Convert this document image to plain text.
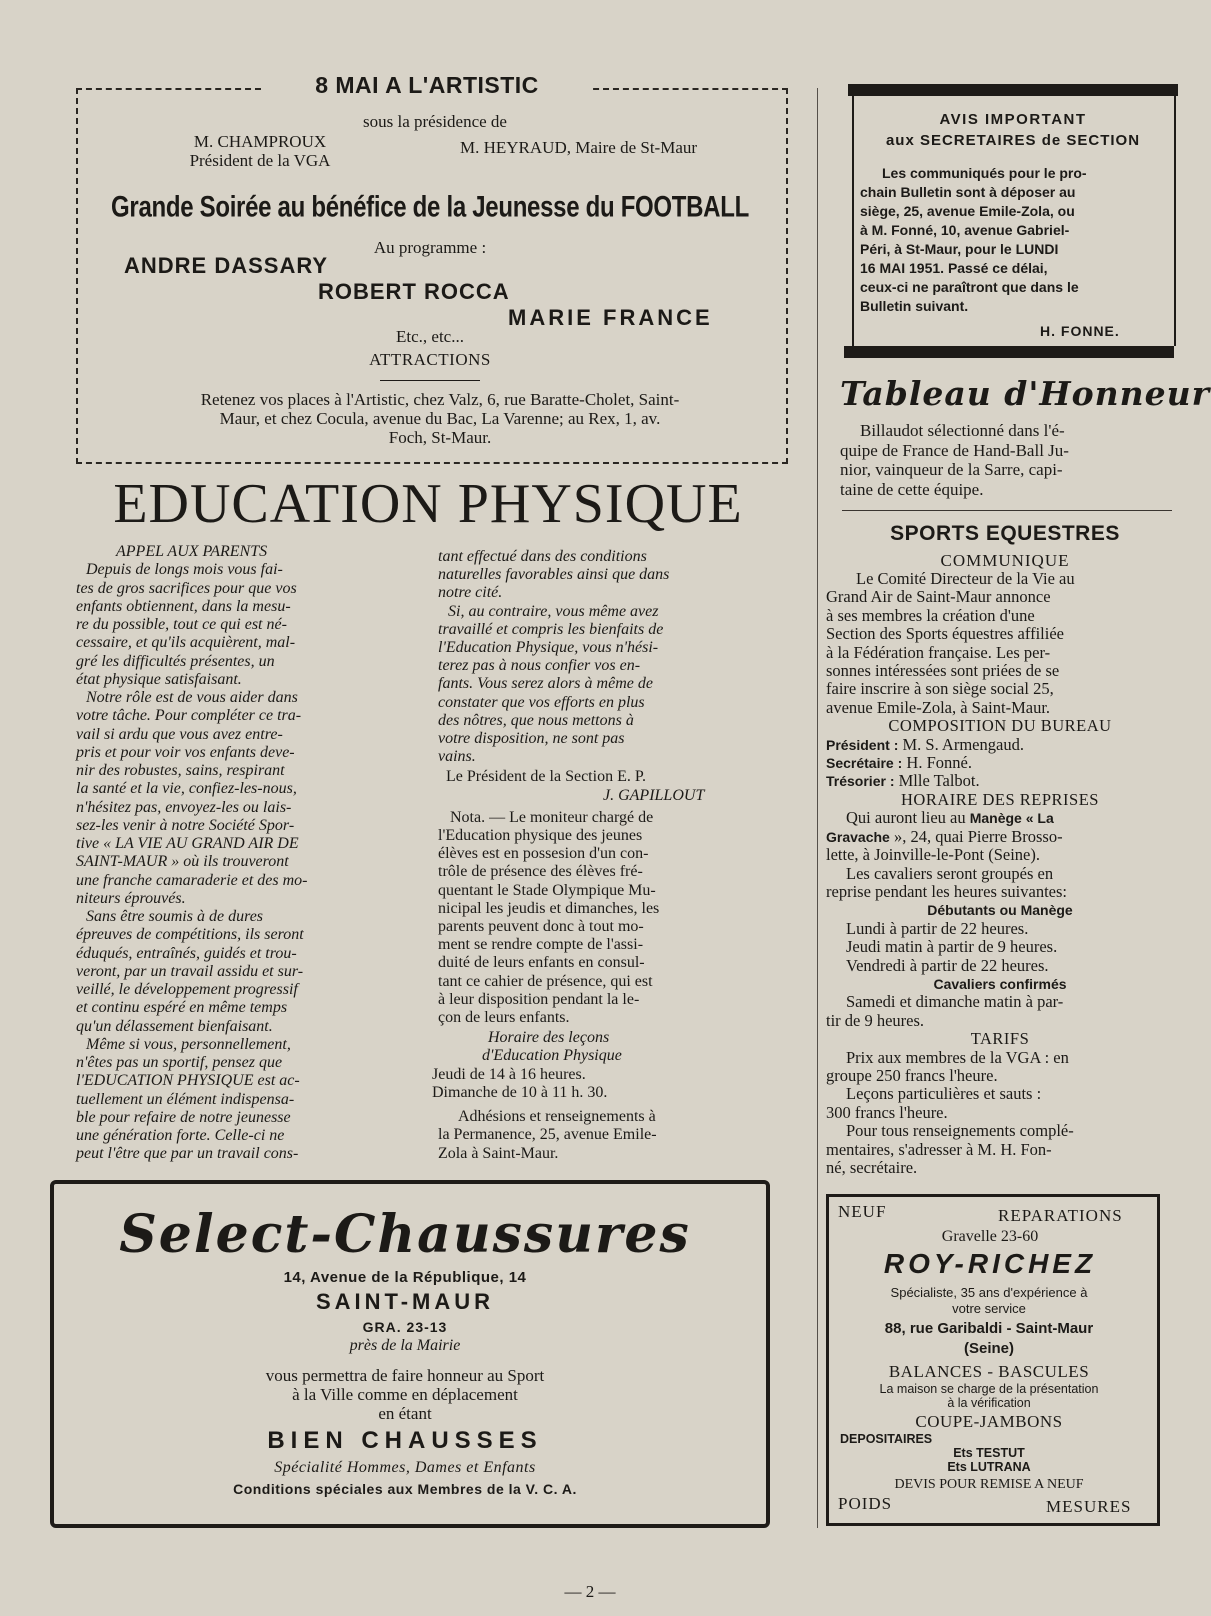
8 MAI A L'ARTISTIC
sous la présidence de
M. CHAMPROUX
Président de la VGA
M. HEYRAUD, Maire de St-Maur
Grande Soirée au bénéfice de la Jeunesse du FOOTBALL
Au programme :
ANDRE DASSARY
ROBERT ROCCA
MARIE FRANCE
Etc., etc...
ATTRACTIONS
Retenez vos places à l'Artistic, chez Valz, 6, rue Baratte-Cholet, Saint-
Maur, et chez Cocula, avenue du Bac, La Varenne; au Rex, 1, av.
Foch, St-Maur.
EDUCATION PHYSIQUE
APPEL AUX PARENTS
Depuis de longs mois vous fai-
tes de gros sacrifices pour que vos
enfants obtiennent, dans la mesu-
re du possible, tout ce qui est né-
cessaire, et qu'ils acquièrent, mal-
gré les difficultés présentes, un
état physique satisfaisant.
Notre rôle est de vous aider dans
votre tâche. Pour compléter ce tra-
vail si ardu que vous avez entre-
pris et pour voir vos enfants deve-
nir des robustes, sains, respirant
la santé et la vie, confiez-les-nous,
n'hésitez pas, envoyez-les ou lais-
sez-les venir à notre Société Spor-
tive « LA VIE AU GRAND AIR DE
SAINT-MAUR » où ils trouveront
une franche camaraderie et des mo-
niteurs éprouvés.
Sans être soumis à de dures
épreuves de compétitions, ils seront
éduqués, entraînés, guidés et trou-
veront, par un travail assidu et sur-
veillé, le développement progressif
et continu espéré en même temps
qu'un délassement bienfaisant.
Même si vous, personnellement,
n'êtes pas un sportif, pensez que
l'EDUCATION PHYSIQUE est ac-
tuellement un élément indispensa-
ble pour refaire de notre jeunesse
une génération forte. Celle-ci ne
peut l'être que par un travail cons-
tant effectué dans des conditions
naturelles favorables ainsi que dans
notre cité.
Si, au contraire, vous même avez
travaillé et compris les bienfaits de
l'Education Physique, vous n'hési-
terez pas à nous confier vos en-
fants. Vous serez alors à même de
constater que vos efforts en plus
des nôtres, que nous mettons à
votre disposition, ne sont pas
vains.
Le Président de la Section E. P.
J. GAPILLOUT
Nota. — Le moniteur chargé de
l'Education physique des jeunes
élèves est en possesion d'un con-
trôle de présence des élèves fré-
quentant le Stade Olympique Mu-
nicipal les jeudis et dimanches, les
parents peuvent donc à tout mo-
ment se rendre compte de l'assi-
duité de leurs enfants en consul-
tant ce cahier de présence, qui est
à leur disposition pendant la le-
çon de leurs enfants.
Horaire des leçons
d'Education Physique
Jeudi de 14 à 16 heures.
Dimanche de 10 à 11 h. 30.
Adhésions et renseignements à
la Permanence, 25, avenue Emile-
Zola à Saint-Maur.
Select-Chaussures
14, Avenue de la République, 14
SAINT-MAUR
GRA. 23-13
près de la Mairie
vous permettra de faire honneur au Sport
à la Ville comme en déplacement
en étant
BIEN CHAUSSES
Spécialité Hommes, Dames et Enfants
Conditions spéciales aux Membres de la V. C. A.
— 2 —
AVIS IMPORTANT
aux SECRETAIRES de SECTION
Les communiqués pour le pro-
chain Bulletin sont à déposer au
siège, 25, avenue Emile-Zola, ou
à M. Fonné, 10, avenue Gabriel-
Péri, à St-Maur, pour le LUNDI
16 MAI 1951. Passé ce délai,
ceux-ci ne paraîtront que dans le
Bulletin suivant.
H. FONNE.
Tableau d'Honneur
Billaudot sélectionné dans l'é-
quipe de France de Hand-Ball Ju-
nior, vainqueur de la Sarre, capi-
taine de cette équipe.
SPORTS EQUESTRES
COMMUNIQUE
Le Comité Directeur de la Vie au
Grand Air de Saint-Maur annonce
à ses membres la création d'une
Section des Sports équestres affiliée
à la Fédération française. Les per-
sonnes intéressées sont priées de se
faire inscrire à son siège social 25,
avenue Emile-Zola, à Saint-Maur.
COMPOSITION DU BUREAU
Président : M. S. Armengaud.
Secrétaire : H. Fonné.
Trésorier : Mlle Talbot.
HORAIRE DES REPRISES
Qui auront lieu au Manège « La
Gravache », 24, quai Pierre Brosso-
lette, à Joinville-le-Pont (Seine).
Les cavaliers seront groupés en
reprise pendant les heures suivantes:
Débutants ou Manège
Lundi à partir de 22 heures.
Jeudi matin à partir de 9 heures.
Vendredi à partir de 22 heures.
Cavaliers confirmés
Samedi et dimanche matin à par-
tir de 9 heures.
TARIFS
Prix aux membres de la VGA : en
groupe 250 francs l'heure.
Leçons particulières et sauts :
300 francs l'heure.
Pour tous renseignements complé-
mentaires, s'adresser à M. H. Fon-
né, secrétaire.
NEUF	REPARATIONS
Gravelle 23-60
ROY-RICHEZ
Spécialiste, 35 ans d'expérience à
votre service
88, rue Garibaldi - Saint-Maur
(Seine)
BALANCES - BASCULES
La maison se charge de la présentation
à la vérification
COUPE-JAMBONS
DEPOSITAIRES
Ets TESTUT
Ets LUTRANA
DEVIS POUR REMISE A NEUF
POIDS	MESURES
